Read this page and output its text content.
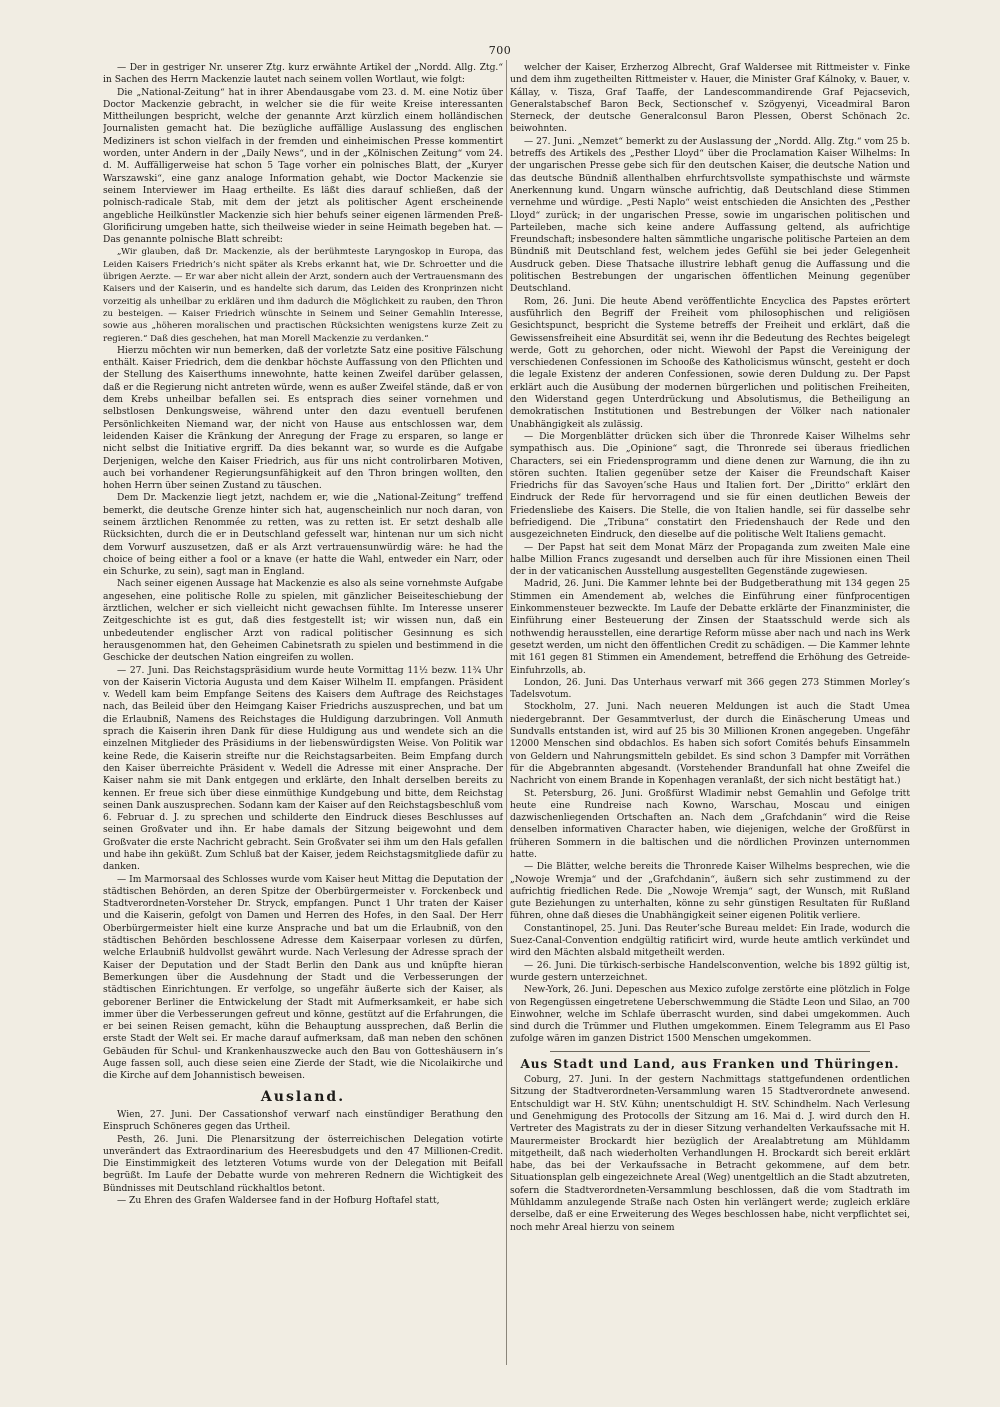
700

— Der in gestriger Nr. unserer Ztg. kurz erwähnte Artikel der „Nordd. Allg. Ztg.“ in Sachen des Herrn Mackenzie lautet nach seinem vollen Wortlaut, wie folgt:

Die „National-Zeitung“ hat in ihrer Abendausgabe vom 23. d. M. eine Notiz über Doctor Mackenzie gebracht, in welcher sie die für weite Kreise interessanten Mittheilungen bespricht, welche der genannte Arzt kürzlich einem holländischen Journalisten gemacht hat. Die bezügliche auffällige Auslassung des englischen Mediziners ist schon vielfach in der fremden und einheimischen Presse kommentirt worden, unter Andern in der „Daily News“, und in der „Kölnischen Zeitung“ vom 24. d. M. Auffälligerweise hat schon 5 Tage vorher ein polnisches Blatt, der „Kuryer Warszawski“, eine ganz analoge Information gehabt, wie Doctor Mackenzie sie seinem Interviewer im Haag ertheilte. Es läßt dies darauf schließen, daß der polnisch-radicale Stab, mit dem der jetzt als politischer Agent erscheinende angebliche Heilkünstler Mackenzie sich hier behufs seiner eigenen lärmenden Preß-Glorificirung umgeben hatte, sich theilweise wieder in seine Heimath begeben hat. — Das genannte polnische Blatt schreibt:

„Wir glauben, daß Dr. Mackenzie, als der berühmteste Laryngoskop in Europa, das Leiden Kaisers Friedrich’s nicht später als Krebs erkannt hat, wie Dr. Schroetter und die übrigen Aerzte. — Er war aber nicht allein der Arzt, sondern auch der Vertrauensmann des Kaisers und der Kaiserin, und es handelte sich darum, das Leiden des Kronprinzen nicht vorzeitig als unheilbar zu erklären und ihm dadurch die Möglichkeit zu rauben, den Thron zu besteigen. — Kaiser Friedrich wünschte in Seinem und Seiner Gemahlin Interesse, sowie aus „höheren moralischen und practischen Rücksichten wenigstens kurze Zeit zu regieren.“ Daß dies geschehen, hat man Morell Mackenzie zu verdanken.“

Hierzu möchten wir nun bemerken, daß der vorletzte Satz eine positive Fälschung enthält. Kaiser Friedrich, dem die denkbar höchste Auffassung von den Pflichten und der Stellung des Kaiserthums innewohnte, hatte keinen Zweifel darüber gelassen, daß er die Regierung nicht antreten würde, wenn es außer Zweifel stände, daß er von dem Krebs unheilbar befallen sei. Es entsprach dies seiner vornehmen und selbstlosen Denkungsweise, während unter den dazu eventuell berufenen Persönlichkeiten Niemand war, der nicht von Hause aus entschlossen war, dem leidenden Kaiser die Kränkung der Anregung der Frage zu ersparen, so lange er nicht selbst die Initiative ergriff. Da dies bekannt war, so wurde es die Aufgabe Derjenigen, welche den Kaiser Friedrich, aus für uns nicht controlirbaren Motiven, auch bei vorhandener Regierungsunfähigkeit auf den Thron bringen wollten, den hohen Herrn über seinen Zustand zu täuschen.

Dem Dr. Mackenzie liegt jetzt, nachdem er, wie die „National-Zeitung“ treffend bemerkt, die deutsche Grenze hinter sich hat, augenscheinlich nur noch daran, von seinem ärztlichen Renommée zu retten, was zu retten ist. Er setzt deshalb alle Rücksichten, durch die er in Deutschland gefesselt war, hintenan nur um sich nicht dem Vorwurf auszusetzen, daß er als Arzt vertrauensunwürdig wäre: he had the choice of being either a fool or a knave (er hatte die Wahl, entweder ein Narr, oder ein Schurke, zu sein), sagt man in England.

Nach seiner eigenen Aussage hat Mackenzie es also als seine vornehmste Aufgabe angesehen, eine politische Rolle zu spielen, mit gänzlicher Beiseiteschiebung der ärztlichen, welcher er sich vielleicht nicht gewachsen fühlte. Im Interesse unserer Zeitgeschichte ist es gut, daß dies festgestellt ist; wir wissen nun, daß ein unbedeutender englischer Arzt von radical politischer Gesinnung es sich herausgenommen hat, den Geheimen Cabinetsrath zu spielen und bestimmend in die Geschicke der deutschen Nation eingreifen zu wollen.

— 27. Juni. Das Reichstagspräsidium wurde heute Vormittag 11½ bezw. 11¾ Uhr von der Kaiserin Victoria Augusta und dem Kaiser Wilhelm II. empfangen. Präsident v. Wedell kam beim Empfange Seitens des Kaisers dem Auftrage des Reichstages nach, das Beileid über den Heimgang Kaiser Friedrichs auszusprechen, und bat um die Erlaubniß, Namens des Reichstages die Huldigung darzubringen. Voll Anmuth sprach die Kaiserin ihren Dank für diese Huldigung aus und wendete sich an die einzelnen Mitglieder des Präsidiums in der liebenswürdigsten Weise. Von Politik war keine Rede, die Kaiserin streifte nur die Reichstagsarbeiten. Beim Empfang durch den Kaiser überreichte Präsident v. Wedell die Adresse mit einer Ansprache. Der Kaiser nahm sie mit Dank entgegen und erklärte, den Inhalt derselben bereits zu kennen. Er freue sich über diese einmüthige Kundgebung und bitte, dem Reichstag seinen Dank auszusprechen. Sodann kam der Kaiser auf den Reichstagsbeschluß vom 6. Februar d. J. zu sprechen und schilderte den Eindruck dieses Beschlusses auf seinen Großvater und ihn. Er habe damals der Sitzung beigewohnt und dem Großvater die erste Nachricht gebracht. Sein Großvater sei ihm um den Hals gefallen und habe ihn geküßt. Zum Schluß bat der Kaiser, jedem Reichstagsmitgliede dafür zu danken.

— Im Marmorsaal des Schlosses wurde vom Kaiser heut Mittag die Deputation der städtischen Behörden, an deren Spitze der Oberbürgermeister v. Forckenbeck und Stadtverordneten-Vorsteher Dr. Stryck, empfangen. Punct 1 Uhr traten der Kaiser und die Kaiserin, gefolgt von Damen und Herren des Hofes, in den Saal. Der Herr Oberbürgermeister hielt eine kurze Ansprache und bat um die Erlaubniß, von den städtischen Behörden beschlossene Adresse dem Kaiserpaar vorlesen zu dürfen, welche Erlaubniß huldvollst gewährt wurde. Nach Verlesung der Adresse sprach der Kaiser der Deputation und der Stadt Berlin den Dank aus und knüpfte hieran Bemerkungen über die Ausdehnung der Stadt und die Verbesserungen der städtischen Einrichtungen. Er verfolge, so ungefähr äußerte sich der Kaiser, als geborener Berliner die Entwickelung der Stadt mit Aufmerksamkeit, er habe sich immer über die Verbesserungen gefreut und könne, gestützt auf die Erfahrungen, die er bei seinen Reisen gemacht, kühn die Behauptung aussprechen, daß Berlin die erste Stadt der Welt sei. Er mache darauf aufmerksam, daß man neben den schönen Gebäuden für Schul- und Krankenhauszwecke auch den Bau von Gotteshäusern in’s Auge fassen soll, auch diese seien eine Zierde der Stadt, wie die Nicolaikirche und die Kirche auf dem Johannistisch beweisen.

Ausland.

Wien, 27. Juni. Der Cassationshof verwarf nach einstündiger Berathung den Einspruch Schöneres gegen das Urtheil.

Pesth, 26. Juni. Die Plenarsitzung der österreichischen Delegation votirte unverändert das Extraordinarium des Heeresbudgets und den 47 Millionen-Credit. Die Einstimmigkeit des letzteren Votums wurde von der Delegation mit Beifall begrüßt. Im Laufe der Debatte wurde von mehreren Rednern die Wichtigkeit des Bündnisses mit Deutschland rückhaltlos betont.

— Zu Ehren des Grafen Waldersee fand in der Hofburg Hoftafel statt,

welcher der Kaiser, Erzherzog Albrecht, Graf Waldersee mit Rittmeister v. Finke und dem ihm zugetheilten Rittmeister v. Hauer, die Minister Graf Kálnoky, v. Bauer, v. Kállay, v. Tisza, Graf Taaffe, der Landescommandirende Graf Pejacsevich, Generalstabschef Baron Beck, Sectionschef v. Szögyenyi, Viceadmiral Baron Sterneck, der deutsche Generalconsul Baron Plessen, Oberst Schönach 2c. beiwohnten.

— 27. Juni. „Nemzet“ bemerkt zu der Auslassung der „Nordd. Allg. Ztg.“ vom 25 b. betreffs des Artikels des „Pesther Lloyd“ über die Proclamation Kaiser Wilhelms: In der ungarischen Presse gebe sich für den deutschen Kaiser, die deutsche Nation und das deutsche Bündniß allenthalben ehrfurchtsvollste sympathischste und wärmste Anerkennung kund. Ungarn wünsche aufrichtig, daß Deutschland diese Stimmen vernehme und würdige. „Pesti Naplo“ weist entschieden die Ansichten des „Pesther Lloyd“ zurück; in der ungarischen Presse, sowie im ungarischen politischen und Parteileben, mache sich keine andere Auffassung geltend, als aufrichtige Freundschaft; insbesondere halten sämmtliche ungarische politische Parteien an dem Bündniß mit Deutschland fest, welchem jedes Gefühl sie bei jeder Gelegenheit Ausdruck geben. Diese Thatsache illustrire lebhaft genug die Auffassung und die politischen Bestrebungen der ungarischen öffentlichen Meinung gegenüber Deutschland.

Rom, 26. Juni. Die heute Abend veröffentlichte Encyclica des Papstes erörtert ausführlich den Begriff der Freiheit vom philosophischen und religiösen Gesichtspunct, bespricht die Systeme betreffs der Freiheit und erklärt, daß die Gewissensfreiheit eine Absurdität sei, wenn ihr die Bedeutung des Rechtes beigelegt werde, Gott zu gehorchen, oder nicht. Wiewohl der Papst die Vereinigung der verschiedenen Confessionen im Schooße des Katholicismus wünscht, gesteht er doch die legale Existenz der anderen Confessionen, sowie deren Duldung zu. Der Papst erklärt auch die Ausübung der modernen bürgerlichen und politischen Freiheiten, den Widerstand gegen Unterdrückung und Absolutismus, die Betheiligung an demokratischen Institutionen und Bestrebungen der Völker nach nationaler Unabhängigkeit als zulässig.

— Die Morgenblätter drücken sich über die Thronrede Kaiser Wilhelms sehr sympathisch aus. Die „Opinione“ sagt, die Thronrede sei überaus friedlichen Characters, sei ein Friedensprogramm und diene denen zur Warnung, die ihn zu stören suchten. Italien gegenüber setze der Kaiser die Freundschaft Kaiser Friedrichs für das Savoyen’sche Haus und Italien fort. Der „Diritto“ erklärt den Eindruck der Rede für hervorragend und sie für einen deutlichen Beweis der Friedensliebe des Kaisers. Die Stelle, die von Italien handle, sei für dasselbe sehr befriedigend. Die „Tribuna“ constatirt den Friedenshauch der Rede und den ausgezeichneten Eindruck, den dieselbe auf die politische Welt Italiens gemacht.

— Der Papst hat seit dem Monat März der Propaganda zum zweiten Male eine halbe Million Francs zugesandt und derselben auch für ihre Missionen einen Theil der in der vaticanischen Ausstellung ausgestellten Gegenstände zugewiesen.

Madrid, 26. Juni. Die Kammer lehnte bei der Budgetberathung mit 134 gegen 25 Stimmen ein Amendement ab, welches die Einführung einer fünfprocentigen Einkommensteuer bezweckte. Im Laufe der Debatte erklärte der Finanzminister, die Einführung einer Besteuerung der Zinsen der Staatsschuld werde sich als nothwendig herausstellen, eine derartige Reform müsse aber nach und nach ins Werk gesetzt werden, um nicht den öffentlichen Credit zu schädigen. — Die Kammer lehnte mit 161 gegen 81 Stimmen ein Amendement, betreffend die Erhöhung des Getreide-Einfuhrzolls, ab.

London, 26. Juni. Das Unterhaus verwarf mit 366 gegen 273 Stimmen Morley’s Tadelsvotum.

Stockholm, 27. Juni. Nach neueren Meldungen ist auch die Stadt Umea niedergebrannt. Der Gesammtverlust, der durch die Einäscherung Umeas und Sundvalls entstanden ist, wird auf 25 bis 30 Millionen Kronen angegeben. Ungefähr 12000 Menschen sind obdachlos. Es haben sich sofort Comités behufs Einsammeln von Geldern und Nahrungsmitteln gebildet. Es sind schon 3 Dampfer mit Vorräthen für die Abgebrannten abgesandt. (Vorstehender Brandunfall hat ohne Zweifel die Nachricht von einem Brande in Kopenhagen veranlaßt, der sich nicht bestätigt hat.)

St. Petersburg, 26. Juni. Großfürst Wladimir nebst Gemahlin und Gefolge tritt heute eine Rundreise nach Kowno, Warschau, Moscau und einigen dazwischenliegenden Ortschaften an. Nach dem „Grafchdanin“ wird die Reise denselben informativen Character haben, wie diejenigen, welche der Großfürst in früheren Sommern in die baltischen und die nördlichen Provinzen unternommen hatte.

— Die Blätter, welche bereits die Thronrede Kaiser Wilhelms besprechen, wie die „Nowoje Wremja“ und der „Grafchdanin“, äußern sich sehr zustimmend zu der aufrichtig friedlichen Rede. Die „Nowoje Wremja“ sagt, der Wunsch, mit Rußland gute Beziehungen zu unterhalten, könne zu sehr günstigen Resultaten für Rußland führen, ohne daß dieses die Unabhängigkeit seiner eigenen Politik verliere.

Constantinopel, 25. Juni. Das Reuter’sche Bureau meldet: Ein Irade, wodurch die Suez-Canal-Convention endgültig ratificirt wird, wurde heute amtlich verkündet und wird den Mächten alsbald mitgetheilt werden.

— 26. Juni. Die türkisch-serbische Handelsconvention, welche bis 1892 gültig ist, wurde gestern unterzeichnet.

New-York, 26. Juni. Depeschen aus Mexico zufolge zerstörte eine plötzlich in Folge von Regengüssen eingetretene Ueberschwemmung die Städte Leon und Silao, an 700 Einwohner, welche im Schlafe überrascht wurden, sind dabei umgekommen. Auch sind durch die Trümmer und Fluthen umgekommen. Einem Telegramm aus El Paso zufolge wären im ganzen District 1500 Menschen umgekommen.

Aus Stadt und Land, aus Franken und Thüringen.

Coburg, 27. Juni. In der gestern Nachmittags stattgefundenen ordentlichen Sitzung der Stadtverordneten-Versammlung waren 15 Stadtverordnete anwesend. Entschuldigt war H. StV. Kühn; unentschuldigt H. StV. Schindhelm. Nach Verlesung und Genehmigung des Protocolls der Sitzung am 16. Mai d. J. wird durch den H. Vertreter des Magistrats zu der in dieser Sitzung verhandelten Verkaufssache mit H. Maurermeister Brockardt hier bezüglich der Arealabtretung am Mühldamm mitgetheilt, daß nach wiederholten Verhandlungen H. Brockardt sich bereit erklärt habe, das bei der Verkaufssache in Betracht gekommene, auf dem betr. Situationsplan gelb eingezeichnete Areal (Weg) unentgeltlich an die Stadt abzutreten, sofern die Stadtverordneten-Versammlung beschlossen, daß die vom Stadtrath im Mühldamm anzulegende Straße nach Osten hin verlängert werde; zugleich erkläre derselbe, daß er eine Erweiterung des Weges beschlossen habe, nicht verpflichtet sei, noch mehr Areal hierzu von seinem
